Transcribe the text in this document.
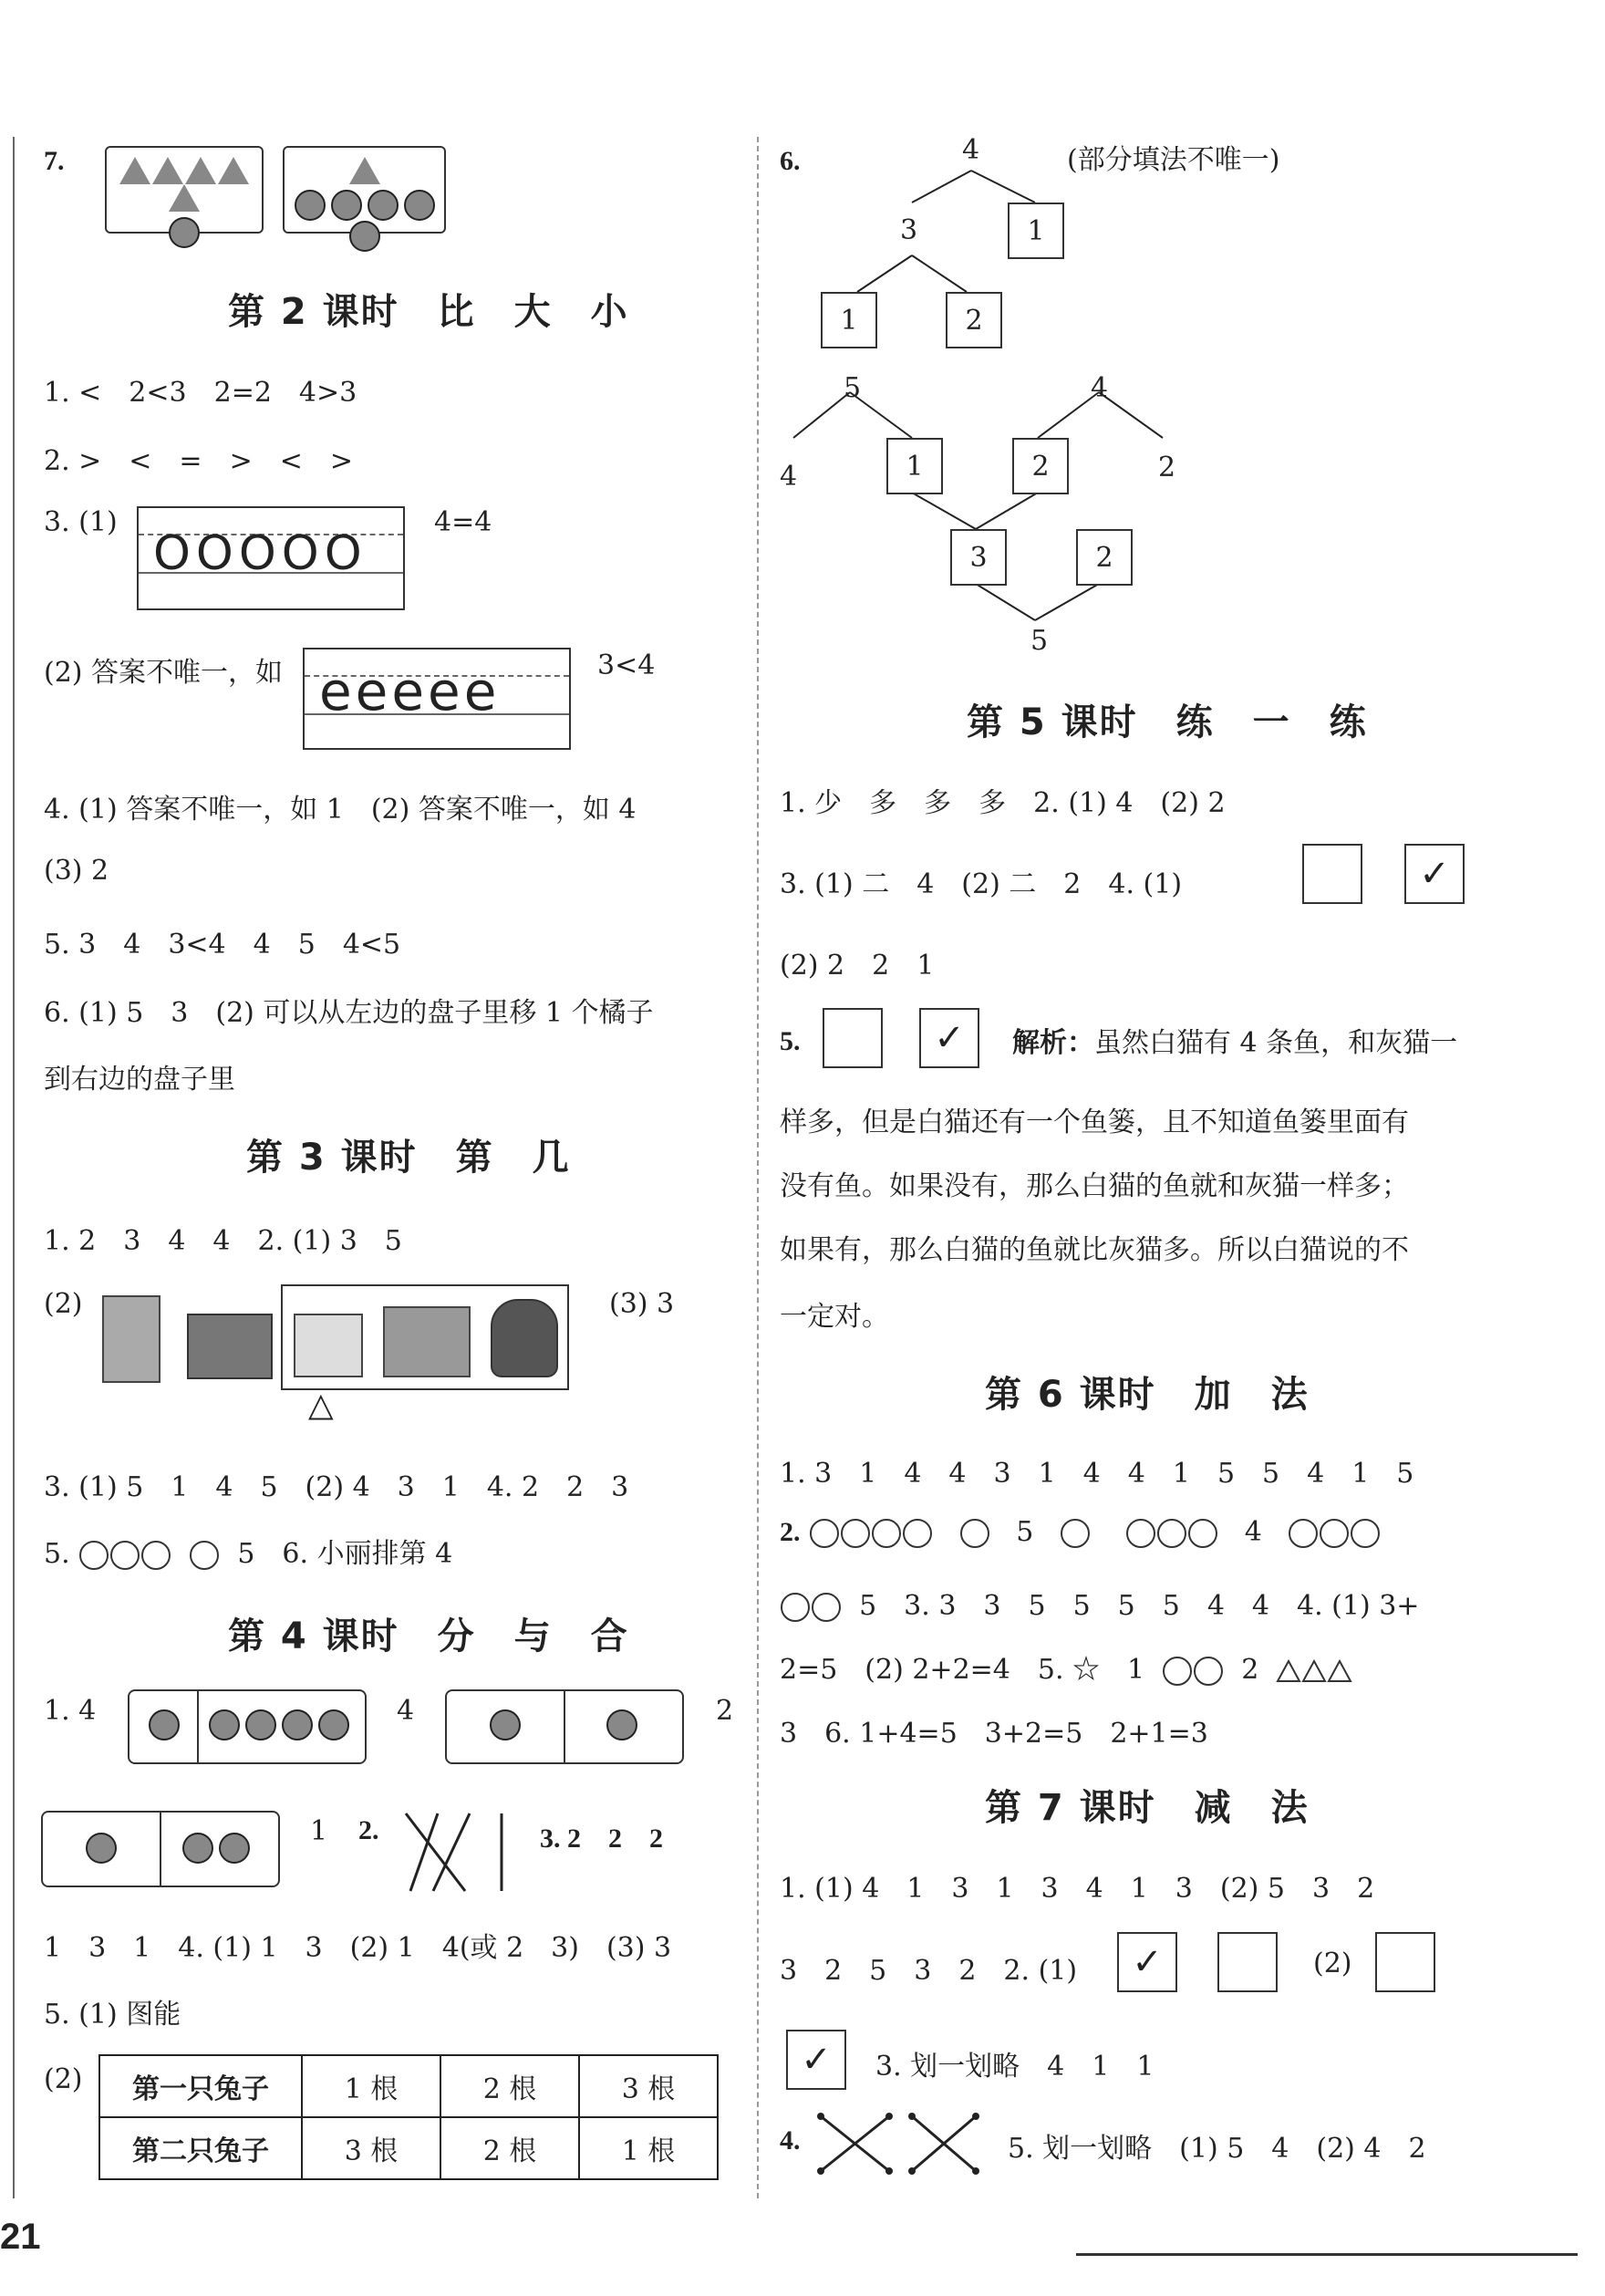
7.
第 2 课时　比　大　小
1. <　2<3　2=2　4>3
2. >　<　=　>　<　>
3. (1)
OOOOO
4=4
(2) 答案不唯一，如 eeeee	3<4
4. (1) 答案不唯一，如 1　(2) 答案不唯一，如 4
(3) 2
5. 3　4　3<4　4　5　4<5
6. (1) 5　3　(2) 可以从左边的盘子里移 1 个橘子
到右边的盘子里
第 3 课时　第　几
1. 2　3　4　4　2. (1) 3　5
(2)
△
(3) 3
3. (1) 5　1　4　5　(2) 4　3　1　4. 2　2　3
5.	5　6. 小丽排第 4
第 4 课时　分　与　合
1. 4	4	2
1 2.	3. 2　2　2
1　3　1　4. (1) 1　3　(2) 1　4(或 2　3)　(3) 3
5. (1) 图能
(2) 第一只兔子	1 根	2 根	3 根
第二只兔子	3 根	2 根	1 根
6.	(部分填法不唯一)
4
3	1
1	2
5	4
4	2
1	2
3	2
5
第 5 课时　练　一　练
1. 少　多　多　多　2. (1) 4　(2) 2
3. (1) 二　4　(2) 二　2　4. (1)	✓
(2) 2　2　1
5.	✓	解析：虽然白猫有 4 条鱼，和灰猫一
样多，但是白猫还有一个鱼篓，且不知道鱼篓里面有
没有鱼。如果没有，那么白猫的鱼就和灰猫一样多；
如果有，那么白猫的鱼就比灰猫多。所以白猫说的不
一定对。
第 6 课时　加　法
1. 3　1　4　4　3　1　4　4　1　5　5　4　1　5
2.	5	4
5　3. 3　3　5　5　5　5　4　4　4. (1) 3+
2=5　(2) 2+2=4　5. ☆　1	2
3　6. 1+4=5　3+2=5　2+1=3
第 7 课时　减　法
1. (1) 4　1　3　1　3　4　1　3　(2) 5　3　2
3　2　5　3　2　2. (1)	✓	(2)
✓	3. 划一划略　4　1　1
4.	5. 划一划略　(1) 5　4　(2) 4　2
21
